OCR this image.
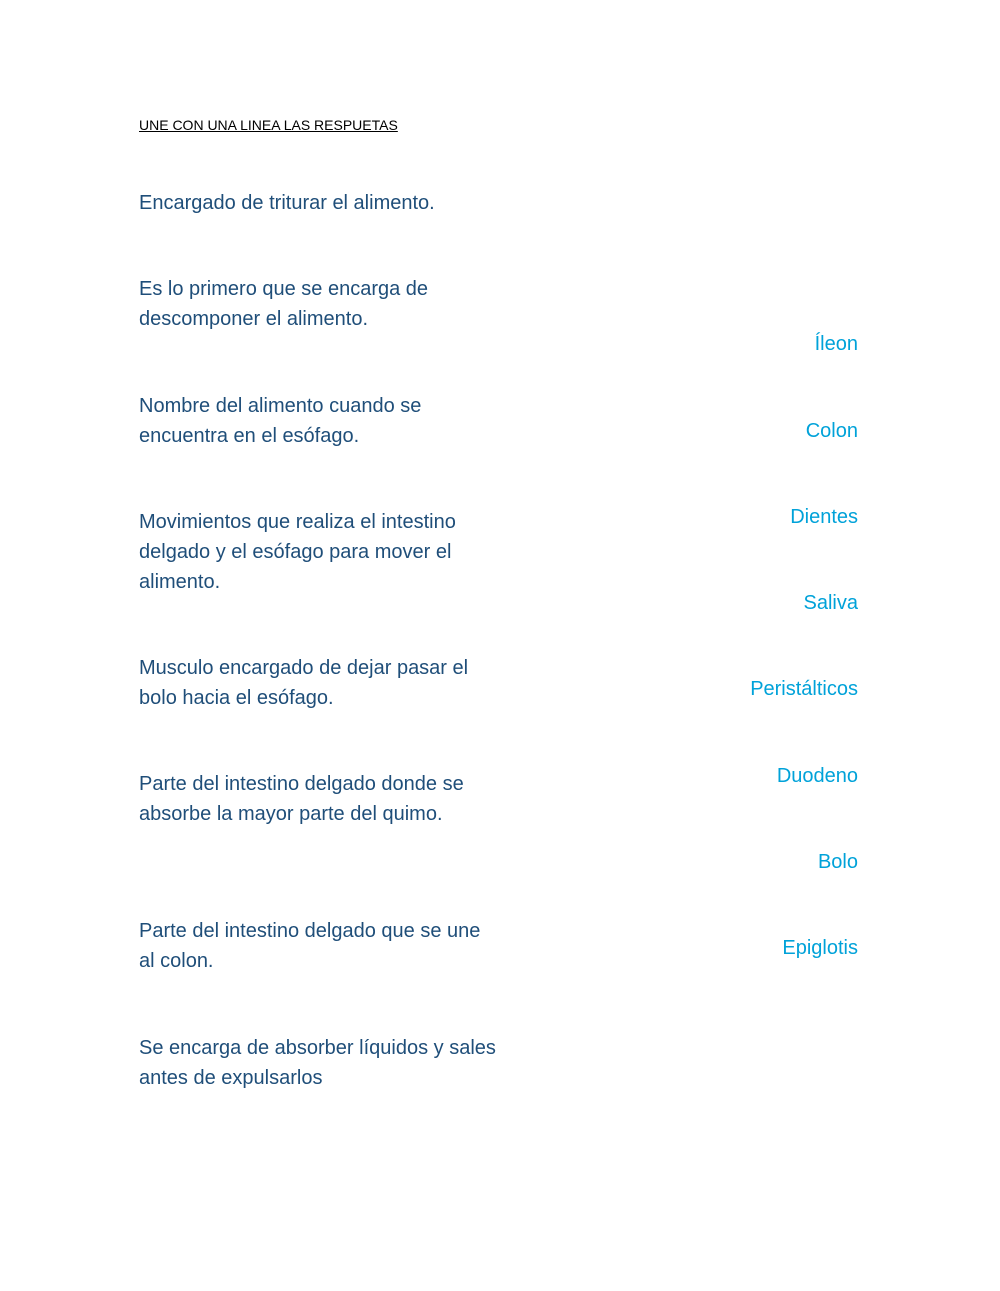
UNE CON UNA LINEA LAS RESPUETAS

Encargado de triturar el alimento.

Es lo primero que se encarga de descomponer el alimento.

Nombre del alimento cuando se encuentra en el esófago.

Movimientos que realiza el intestino delgado y el esófago para mover el alimento.

Musculo encargado de dejar pasar el bolo hacia el esófago.

Parte del intestino delgado donde se absorbe la mayor parte del quimo.

Parte del intestino delgado que se une al colon.

Se encarga de absorber líquidos y sales antes de expulsarlos

Íleon
Colon
Dientes
Saliva
Peristálticos
Duodeno
Bolo
Epiglotis
